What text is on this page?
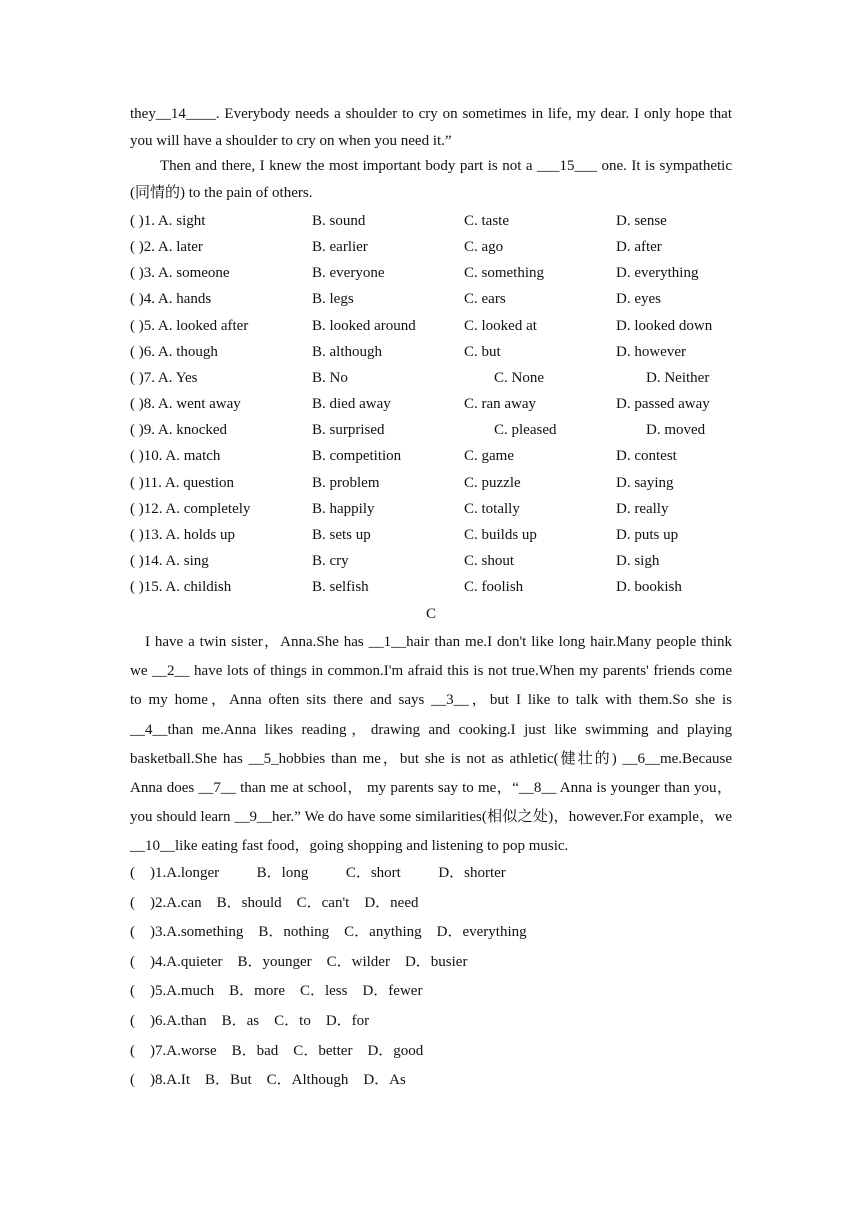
they__14____. Everybody needs a shoulder to cry on sometimes in life, my dear. I only hope that you will have a shoulder to cry on when you need it.”
Then and there, I knew the most important body part is not a ___15___ one. It is sympathetic (同情的) to the pain of others.
( )1. A. sight	B. sound	C. taste	D. sense
( )2. A. later	B. earlier	C. ago	D. after
( )3. A. someone	B. everyone	C. something	D. everything
( )4. A. hands	B. legs	C. ears	D. eyes
( )5. A. looked after	B. looked around	C. looked at	D. looked down
( )6. A. though	B. although	C. but	D. however
( )7. A. Yes	B. No	C. None	D. Neither
( )8. A. went away	B. died away	C. ran away	D. passed away
( )9. A. knocked	B. surprised	C. pleased	D. moved
( )10. A. match	B. competition	C. game	D. contest
( )11. A. question	B. problem	C. puzzle	D. saying
( )12. A. completely	B. happily	C. totally	D. really
( )13. A. holds up	B. sets up	C. builds up	D. puts up
( )14. A. sing	B. cry	C. shout	D. sigh
( )15. A. childish	B. selfish	C. foolish	D. bookish
C
I have a twin sister，Anna.She has __1__hair than me.I don't like long hair.Many people think we __2__ have lots of things in common.I'm afraid this is not true.When my parents' friends come to my home，Anna often sits there and says __3__，but I like to talk with them.So she is __4__than me.Anna likes reading，drawing and cooking.I just like swimming and playing basketball.She has __5_hobbies than me，but she is not as athletic(健壮的) __6__me.Because Anna does __7__ than me at school， my parents say to me，“__8__ Anna is younger than you， you should learn __9__her.” We do have some similarities(相似之处)，however.For example，we __10__like eating fast food，going shopping and listening to pop music.
(    )1.A.longer          B．long          C．short          D．shorter
(    )2.A.can    B．should    C．can't    D．need
(    )3.A.something    B．nothing    C．anything    D．everything
(    )4.A.quieter    B．younger    C．wilder    D．busier
(    )5.A.much    B．more    C．less    D．fewer
(    )6.A.than    B．as    C．to    D．for
(    )7.A.worse    B．bad    C．better    D．good
(    )8.A.It    B．But    C．Although    D．As
